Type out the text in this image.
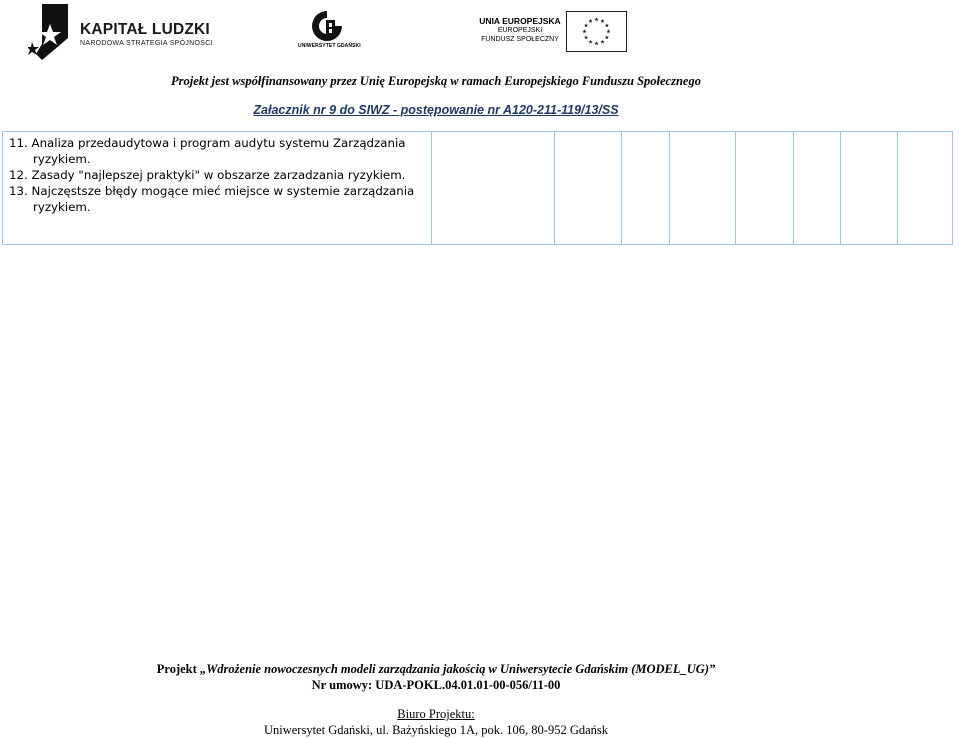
KAPITAŁ LUDZKI
NARODOWA STRATEGIA SPÓJNOŚCI	UNIWERSYTET GDAŃSKI
UNIA EUROPEJSKA
EUROPEJSKI
FUNDUSZ SPOŁECZNY
Projekt jest współfinansowany przez Unię Europejską w ramach Europejskiego Funduszu Społecznego
Załacznik nr 9 do SIWZ - postępowanie nr A120-211-119/13/SS
11. Analiza przedaudytowa i program audytu systemu Zarządzania ryzykiem.
12. Zasady "najlepszej praktyki" w obszarze zarzadzania ryzykiem.
13. Najczęstsze błędy mogące mieć miejsce w systemie zarządzania ryzykiem.
Projekt „Wdrożenie nowoczesnych modeli zarządzania jakością w Uniwersytecie Gdańskim (MODEL_UG)”
Nr umowy: UDA-POKL.04.01.01-00-056/11-00
Biuro Projektu:
Uniwersytet Gdański, ul. Bażyńskiego 1A, pok. 106, 80-952 Gdańsk
